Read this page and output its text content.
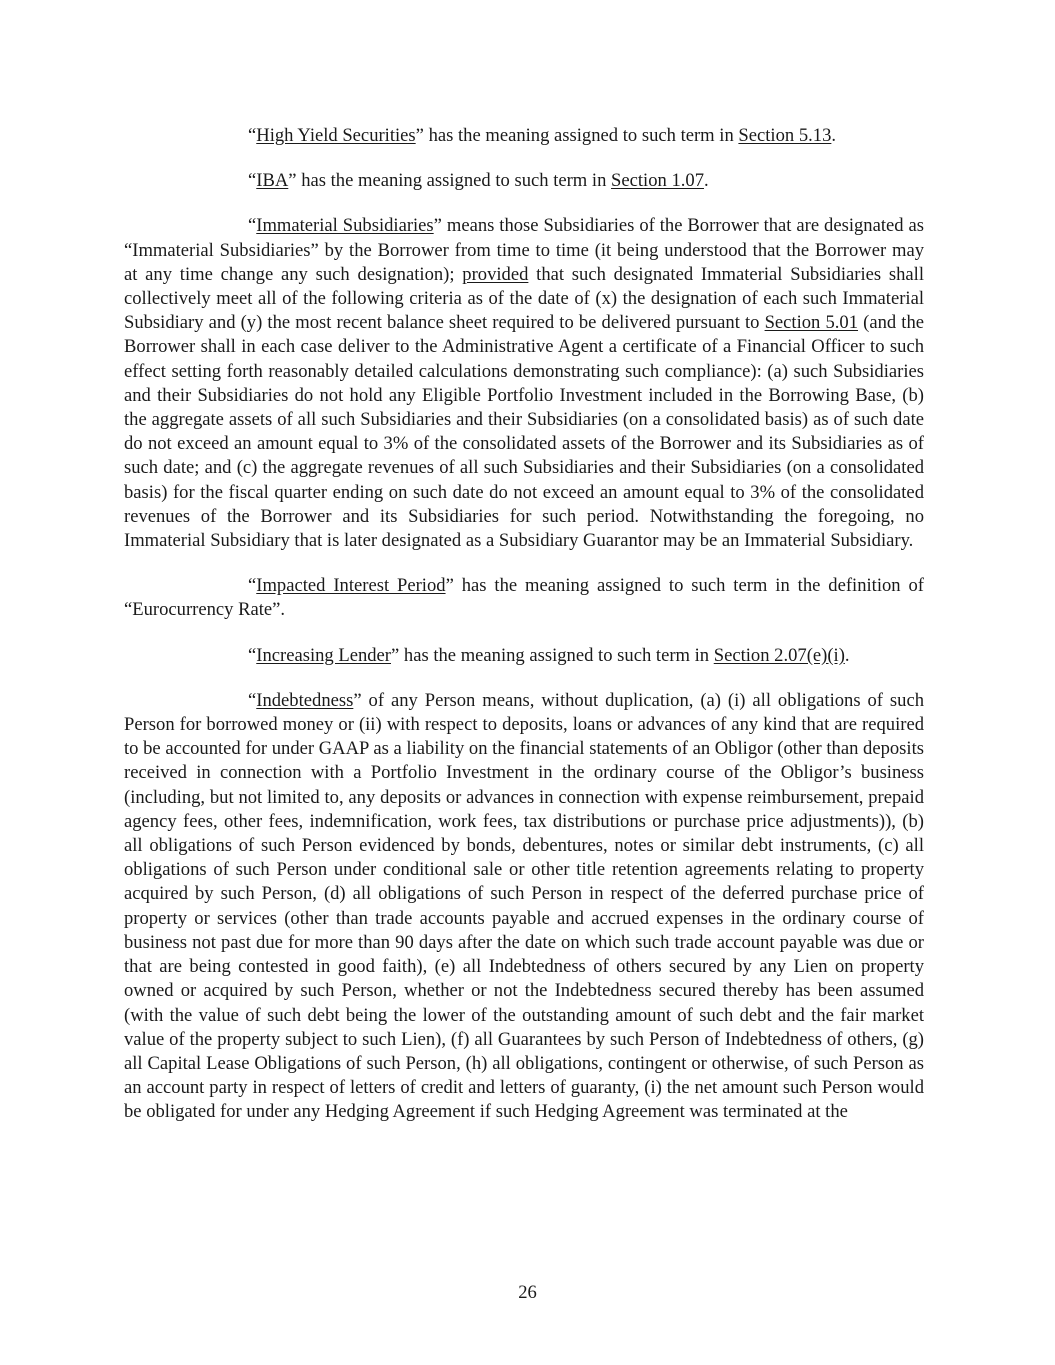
“High Yield Securities” has the meaning assigned to such term in Section 5.13.

“IBA” has the meaning assigned to such term in Section 1.07.

“Immaterial Subsidiaries” means those Subsidiaries of the Borrower that are designated as “Immaterial Subsidiaries” by the Borrower from time to time (it being understood that the Borrower may at any time change any such designation); provided that such designated Immaterial Subsidiaries shall collectively meet all of the following criteria as of the date of (x) the designation of each such Immaterial Subsidiary and (y) the most recent balance sheet required to be delivered pursuant to Section 5.01 (and the Borrower shall in each case deliver to the Administrative Agent a certificate of a Financial Officer to such effect setting forth reasonably detailed calculations demonstrating such compliance): (a) such Subsidiaries and their Subsidiaries do not hold any Eligible Portfolio Investment included in the Borrowing Base, (b) the aggregate assets of all such Subsidiaries and their Subsidiaries (on a consolidated basis) as of such date do not exceed an amount equal to 3% of the consolidated assets of the Borrower and its Subsidiaries as of such date; and (c) the aggregate revenues of all such Subsidiaries and their Subsidiaries (on a consolidated basis) for the fiscal quarter ending on such date do not exceed an amount equal to 3% of the consolidated revenues of the Borrower and its Subsidiaries for such period. Notwithstanding the foregoing, no Immaterial Subsidiary that is later designated as a Subsidiary Guarantor may be an Immaterial Subsidiary.

“Impacted Interest Period” has the meaning assigned to such term in the definition of “Eurocurrency Rate”.

“Increasing Lender” has the meaning assigned to such term in Section 2.07(e)(i).

“Indebtedness” of any Person means, without duplication, (a) (i) all obligations of such Person for borrowed money or (ii) with respect to deposits, loans or advances of any kind that are required to be accounted for under GAAP as a liability on the financial statements of an Obligor (other than deposits received in connection with a Portfolio Investment in the ordinary course of the Obligor’s business (including, but not limited to, any deposits or advances in connection with expense reimbursement, prepaid agency fees, other fees, indemnification, work fees, tax distributions or purchase price adjustments)), (b) all obligations of such Person evidenced by bonds, debentures, notes or similar debt instruments, (c) all obligations of such Person under conditional sale or other title retention agreements relating to property acquired by such Person, (d) all obligations of such Person in respect of the deferred purchase price of property or services (other than trade accounts payable and accrued expenses in the ordinary course of business not past due for more than 90 days after the date on which such trade account payable was due or that are being contested in good faith), (e) all Indebtedness of others secured by any Lien on property owned or acquired by such Person, whether or not the Indebtedness secured thereby has been assumed (with the value of such debt being the lower of the outstanding amount of such debt and the fair market value of the property subject to such Lien), (f) all Guarantees by such Person of Indebtedness of others, (g) all Capital Lease Obligations of such Person, (h) all obligations, contingent or otherwise, of such Person as an account party in respect of letters of credit and letters of guaranty, (i) the net amount such Person would be obligated for under any Hedging Agreement if such Hedging Agreement was terminated at the

26
